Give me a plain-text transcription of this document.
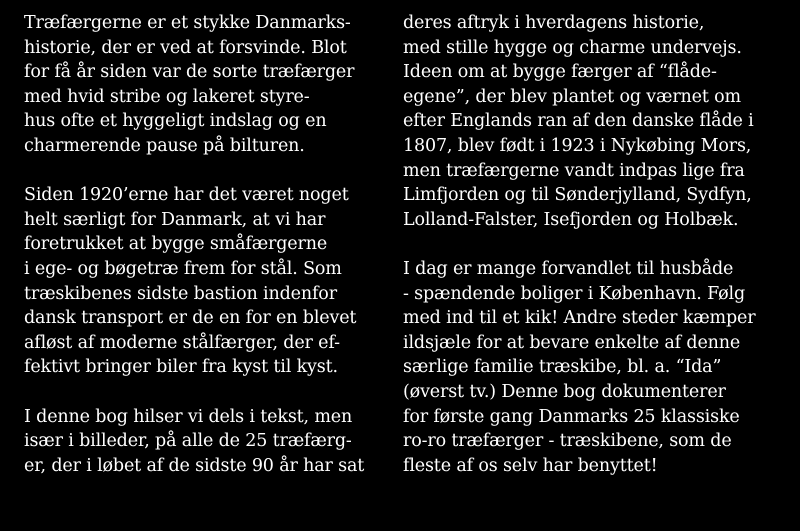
Træfærgerne er et stykke Danmarks-
historie, der er ved at forsvinde. Blot
for få år siden var de sorte træfærger
med hvid stribe og lakeret styre-
hus ofte et hyggeligt indslag og en
charmerende pause på bilturen.
Siden 1920’erne har det været noget
helt særligt for Danmark, at vi har
foretrukket at bygge småfærgerne
i ege- og bøgetræ frem for stål. Som
træskibenes sidste bastion indenfor
dansk transport er de en for en blevet
afløst af moderne stålfærger, der ef-
fektivt bringer biler fra kyst til kyst.
I denne bog hilser vi dels i tekst, men
især i billeder, på alle de 25 træfærg-
er, der i løbet af de sidste 90 år har sat
deres aftryk i hverdagens historie,
med stille hygge og charme undervejs.
Ideen om at bygge færger af “flåde-
egene”, der blev plantet og værnet om
efter Englands ran af den danske flåde i
1807, blev født i 1923 i Nykøbing Mors,
men træfærgerne vandt indpas lige fra
Limfjorden og til Sønderjylland, Sydfyn,
Lolland-Falster, Isefjorden og Holbæk.
I dag er mange forvandlet til husbåde
- spændende boliger i København. Følg
med ind til et kik! Andre steder kæmper
ildsjæle for at bevare enkelte af denne
særlige familie træskibe, bl. a. “Ida”
(øverst tv.) Denne bog dokumenterer
for første gang Danmarks 25 klassiske
ro-ro træfærger - træskibene, som de
fleste af os selv har benyttet!
